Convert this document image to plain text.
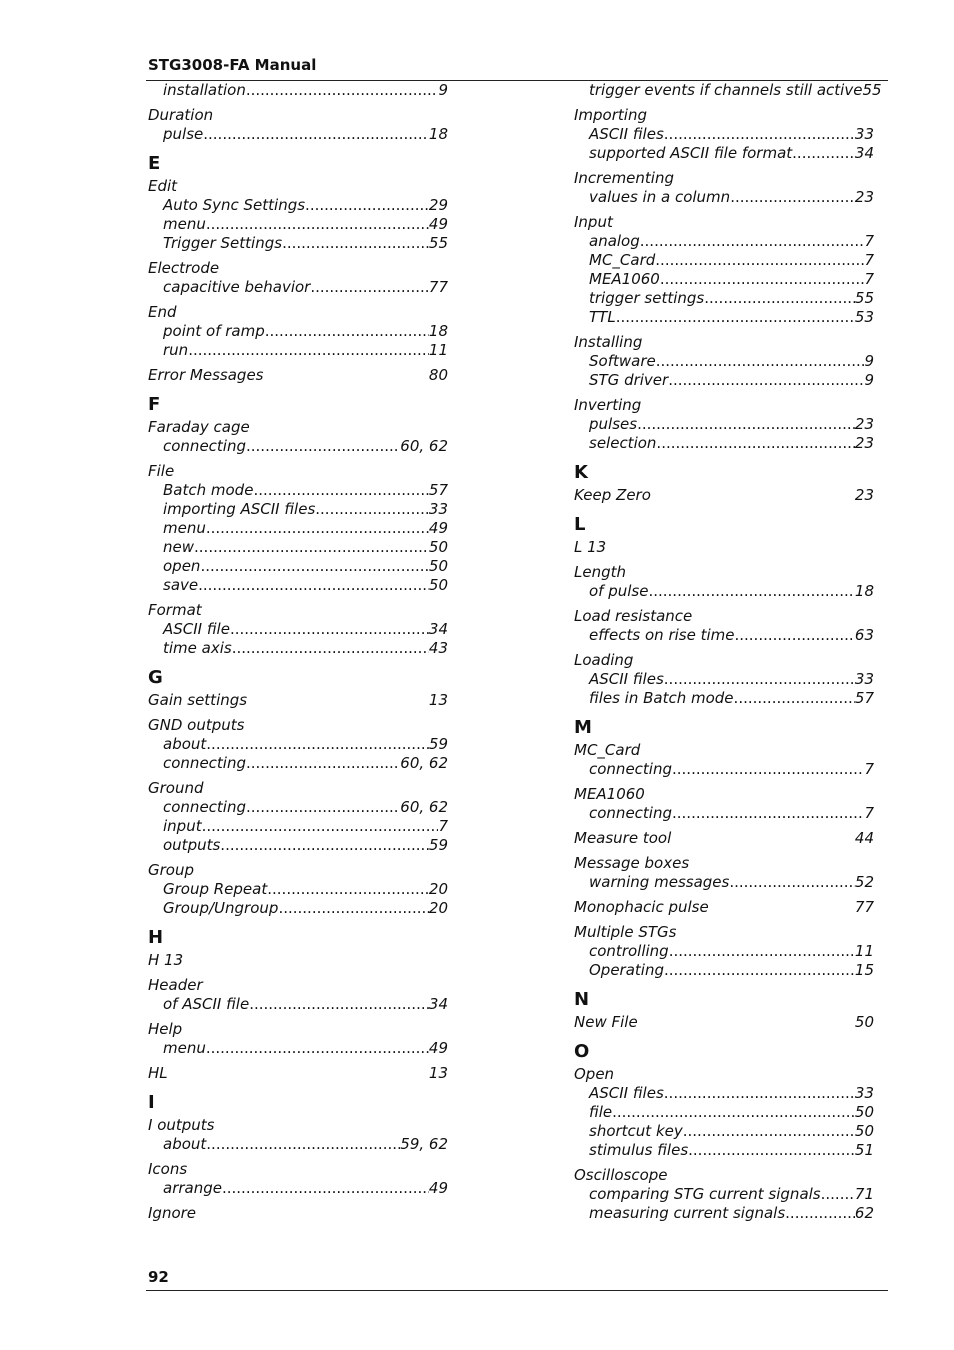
STG3008-FA Manual
installation .....	9
Duration
pulse .....	18
E
Edit
Auto Sync Settings .....	29
menu .....	49
Trigger Settings .....	55
Electrode
capacitive behavior .....	77
End
point of ramp .....	18
run .....	11
Error Messages	80
F
Faraday cage
connecting .....	60, 62
File
Batch mode .....	57
importing ASCII files .....	33
menu .....	49
new .....	50
open .....	50
save .....	50
Format
ASCII file .....	34
time axis .....	43
G
Gain settings	13
GND outputs
about .....	59
connecting .....	60, 62
Ground
connecting .....	60, 62
input .....	7
outputs .....	59
Group
Group Repeat .....	20
Group/Ungroup .....	20
H
H 13
Header
of ASCII file .....	34
Help
menu .....	49
HL	13
I
I outputs
about .....	59, 62
Icons
arrange .....	49
Ignore
trigger events if channels still active 55
Importing
ASCII files .....	33
supported ASCII file format .....	34
Incrementing
values in a column .....	23
Input
analog .....	7
MC_Card .....	7
MEA1060 .....	7
trigger settings .....	55
TTL .....	53
Installing
Software .....	9
STG driver .....	9
Inverting
pulses .....	23
selection .....	23
K
Keep Zero	23
L
L 13
Length
of pulse .....	18
Load resistance
effects on rise time .....	63
Loading
ASCII files .....	33
files in Batch mode .....	57
M
MC_Card
connecting .....	7
MEA1060
connecting .....	7
Measure tool	44
Message boxes
warning messages .....	52
Monophacic pulse	77
Multiple STGs
controlling .....	11
Operating .....	15
N
New File	50
O
Open
ASCII files .....	33
file .....	50
shortcut key .....	50
stimulus files .....	51
Oscilloscope
comparing STG current signals ..... 71
measuring current signals .....	62
92
